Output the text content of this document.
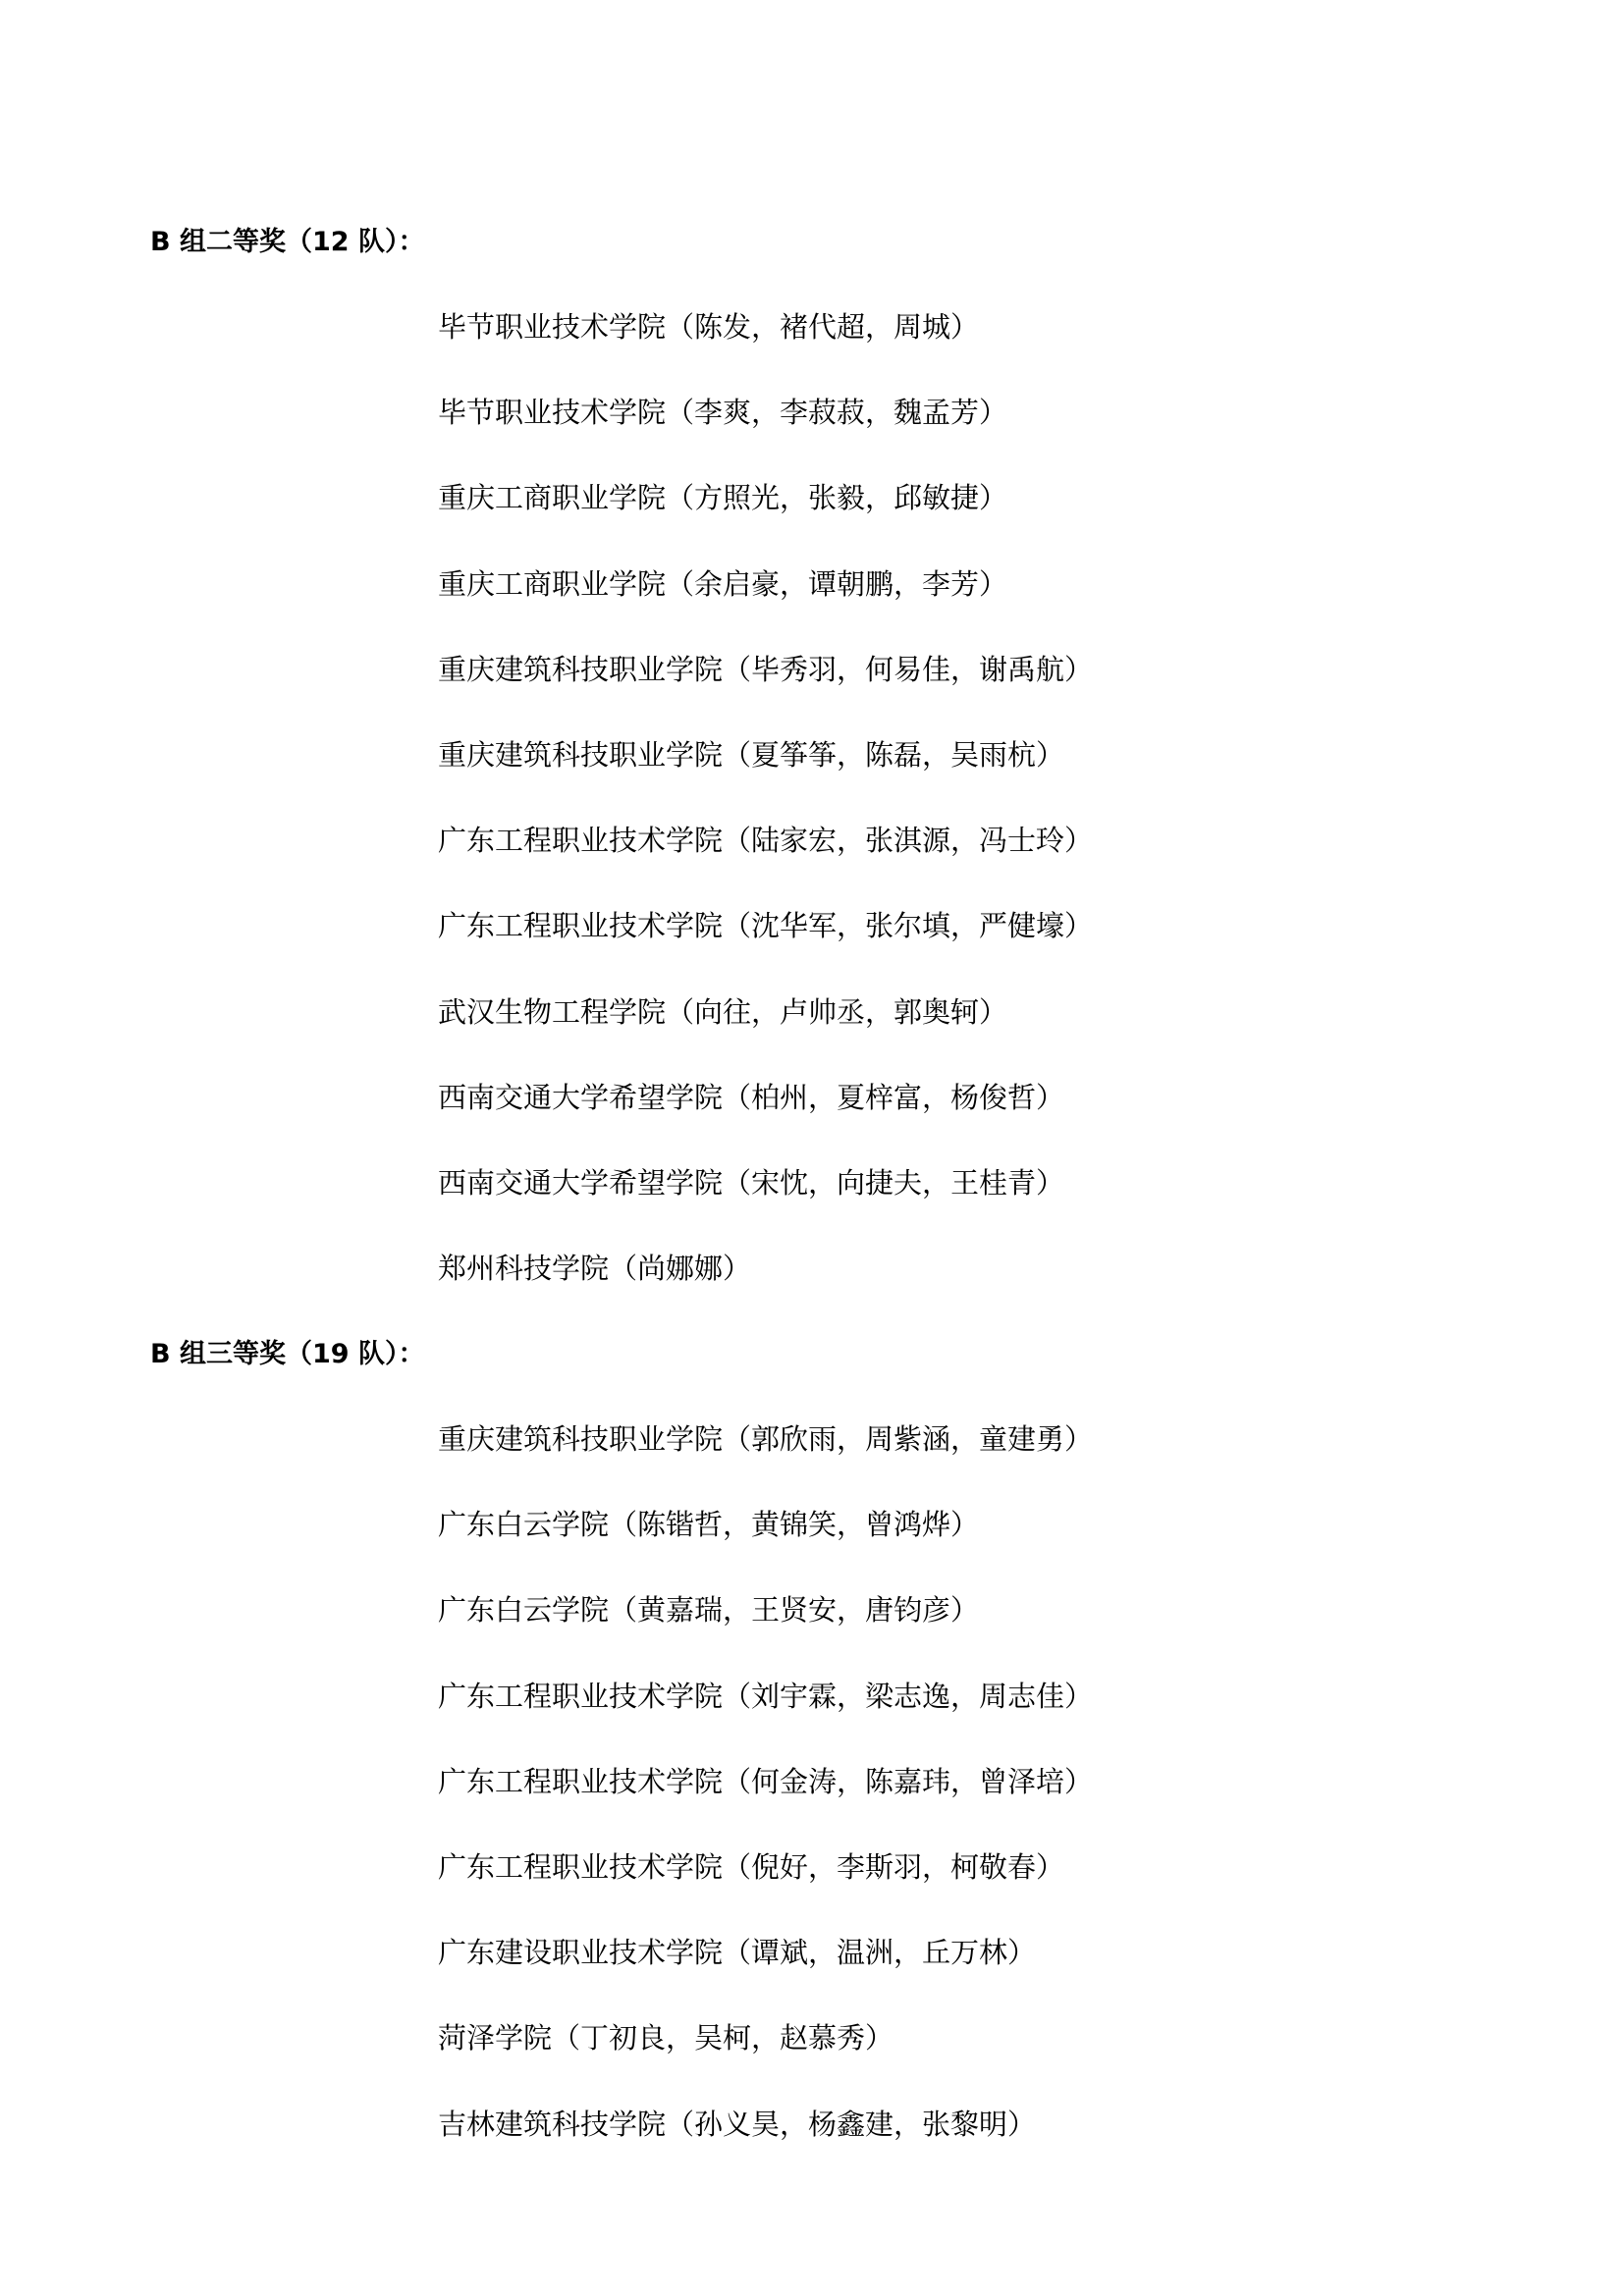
B 组二等奖（12 队）：
毕节职业技术学院（陈发，褚代超，周城）
毕节职业技术学院（李爽，李菽菽，魏孟芳）
重庆工商职业学院（方照光，张毅，邱敏捷）
重庆工商职业学院（余启豪，谭朝鹏，李芳）
重庆建筑科技职业学院（毕秀羽，何易佳，谢禹航）
重庆建筑科技职业学院（夏筝筝，陈磊，吴雨杭）
广东工程职业技术学院（陆家宏，张淇源，冯士玲）
广东工程职业技术学院（沈华军，张尔填，严健壕）
武汉生物工程学院（向往，卢帅丞，郭奥轲）
西南交通大学希望学院（柏州，夏梓富，杨俊哲）
西南交通大学希望学院（宋忱，向捷夫，王桂青）
郑州科技学院（尚娜娜）
B 组三等奖（19 队）：
重庆建筑科技职业学院（郭欣雨，周紫涵，童建勇）
广东白云学院（陈锴哲，黄锦笑，曾鸿烨）
广东白云学院（黄嘉瑞，王贤安，唐钧彦）
广东工程职业技术学院（刘宇霖，梁志逸，周志佳）
广东工程职业技术学院（何金涛，陈嘉玮，曾泽培）
广东工程职业技术学院（倪好，李斯羽，柯敬春）
广东建设职业技术学院（谭斌，温洲，丘万林）
菏泽学院（丁初良，吴柯，赵慕秀）
吉林建筑科技学院（孙义昊，杨鑫建，张黎明）
